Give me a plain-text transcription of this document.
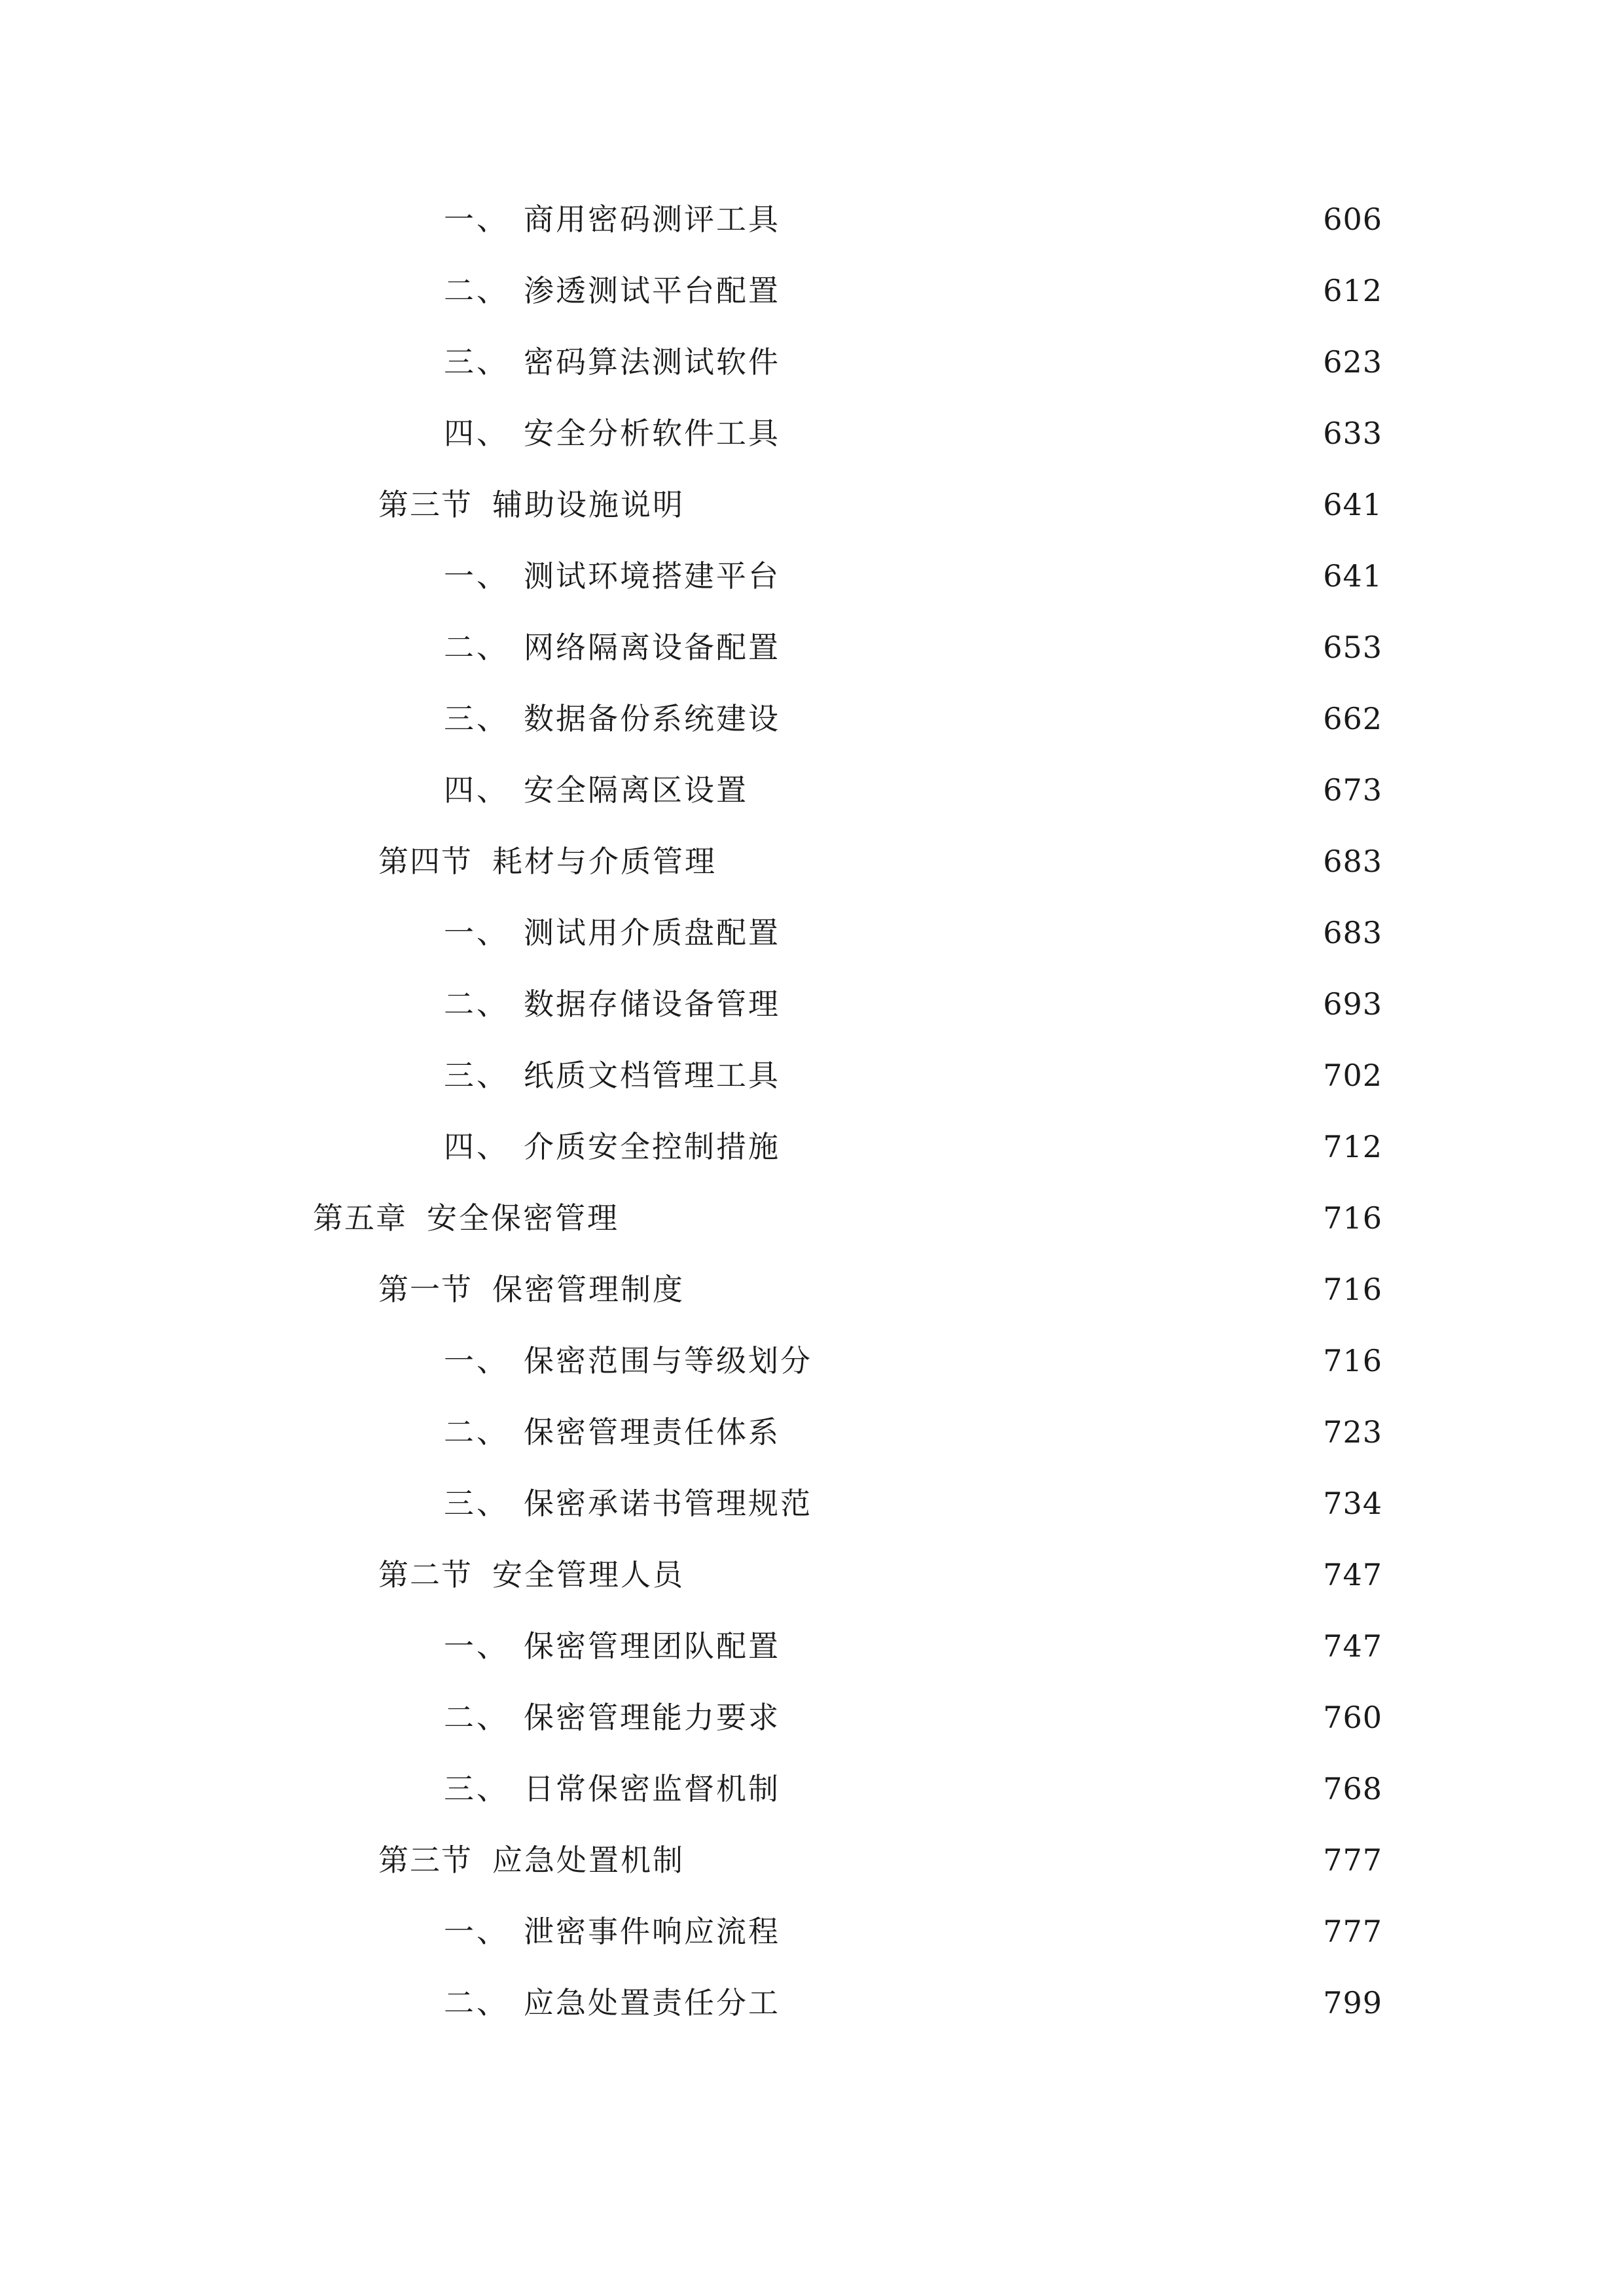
一、 商用密码测评工具	606
二、 渗透测试平台配置	612
三、 密码算法测试软件	623
四、 安全分析软件工具	633
第三节 辅助设施说明	641
一、 测试环境搭建平台	641
二、 网络隔离设备配置	653
三、 数据备份系统建设	662
四、 安全隔离区设置	673
第四节 耗材与介质管理	683
一、 测试用介质盘配置	683
二、 数据存储设备管理	693
三、 纸质文档管理工具	702
四、 介质安全控制措施	712
第五章 安全保密管理	716
第一节 保密管理制度	716
一、 保密范围与等级划分	716
二、 保密管理责任体系	723
三、 保密承诺书管理规范	734
第二节 安全管理人员	747
一、 保密管理团队配置	747
二、 保密管理能力要求	760
三、 日常保密监督机制	768
第三节 应急处置机制	777
一、 泄密事件响应流程	777
二、 应急处置责任分工	799
